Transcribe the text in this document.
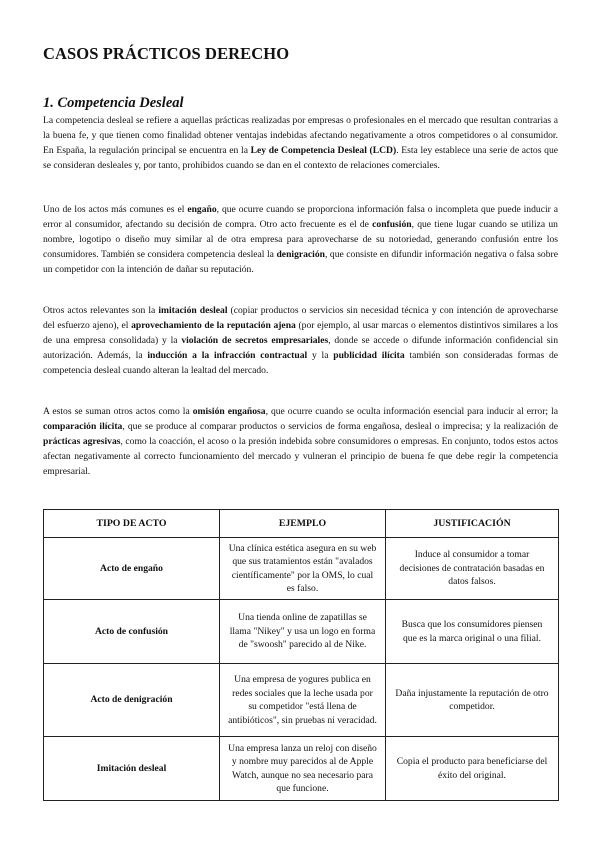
CASOS PRÁCTICOS DERECHO
1. Competencia Desleal

La competencia desleal se refiere a aquellas prácticas realizadas por empresas o profesionales en el mercado que resultan contrarias a la buena fe, y que tienen como finalidad obtener ventajas indebidas afectando negativamente a otros competidores o al consumidor. En España, la regulación principal se encuentra en la Ley de Competencia Desleal (LCD). Esta ley establece una serie de actos que se consideran desleales y, por tanto, prohibidos cuando se dan en el contexto de relaciones comerciales.

Uno de los actos más comunes es el engaño, que ocurre cuando se proporciona información falsa o incompleta que puede inducir a error al consumidor, afectando su decisión de compra. Otro acto frecuente es el de confusión, que tiene lugar cuando se utiliza un nombre, logotipo o diseño muy similar al de otra empresa para aprovecharse de su notoriedad, generando confusión entre los consumidores. También se considera competencia desleal la denigración, que consiste en difundir información negativa o falsa sobre un competidor con la intención de dañar su reputación.

Otros actos relevantes son la imitación desleal (copiar productos o servicios sin necesidad técnica y con intención de aprovecharse del esfuerzo ajeno), el aprovechamiento de la reputación ajena (por ejemplo, al usar marcas o elementos distintivos similares a los de una empresa consolidada) y la violación de secretos empresariales, donde se accede o difunde información confidencial sin autorización. Además, la inducción a la infracción contractual y la publicidad ilícita también son consideradas formas de competencia desleal cuando alteran la lealtad del mercado.

A estos se suman otros actos como la omisión engañosa, que ocurre cuando se oculta información esencial para inducir al error; la comparación ilícita, que se produce al comparar productos o servicios de forma engañosa, desleal o imprecisa; y la realización de prácticas agresivas, como la coacción, el acoso o la presión indebida sobre consumidores o empresas. En conjunto, todos estos actos afectan negativamente al correcto funcionamiento del mercado y vulneran el principio de buena fe que debe regir la competencia empresarial.

TIPO DE ACTO	EJEMPLO	JUSTIFICACIÓN
Acto de engaño	Una clínica estética asegura en su web que sus tratamientos están "avalados científicamente" por la OMS, lo cual es falso.	Induce al consumidor a tomar decisiones de contratación basadas en datos falsos.
Acto de confusión	Una tienda online de zapatillas se llama "Nikey" y usa un logo en forma de "swoosh" parecido al de Nike.	Busca que los consumidores piensen que es la marca original o una filial.
Acto de denigración	Una empresa de yogures publica en redes sociales que la leche usada por su competidor "está llena de antibióticos", sin pruebas ni veracidad.	Daña injustamente la reputación de otro competidor.
Imitación desleal	Una empresa lanza un reloj con diseño y nombre muy parecidos al de Apple Watch, aunque no sea necesario para que funcione.	Copia el producto para beneficiarse del éxito del original.
